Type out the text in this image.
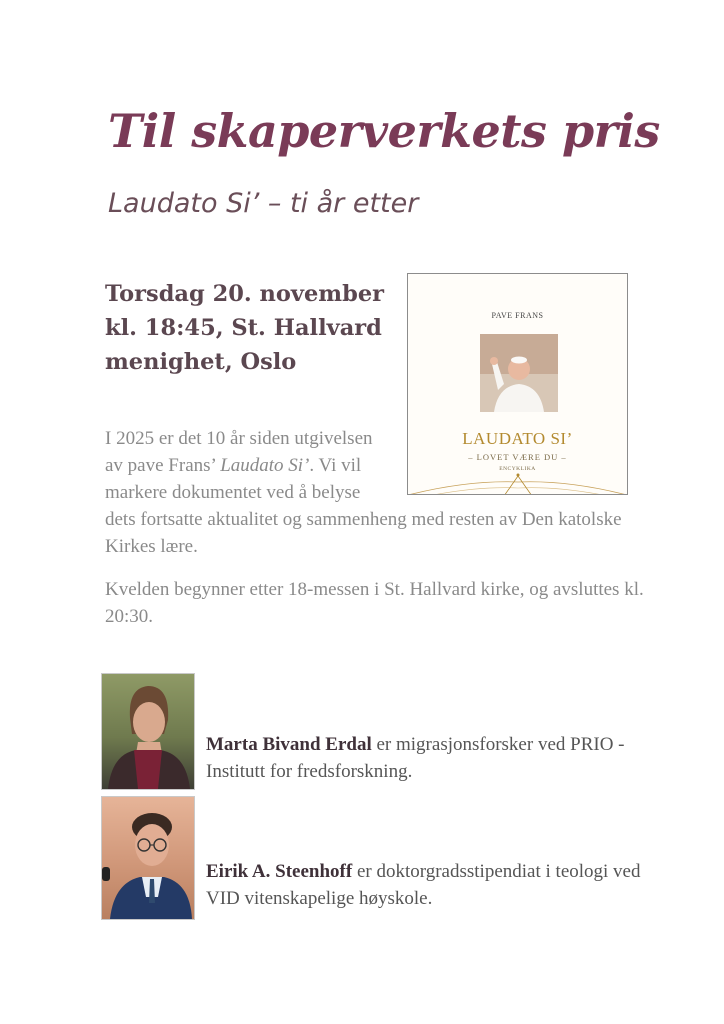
Til skaperverkets pris
Laudato Si’ – ti år etter
Torsdag 20. november
kl. 18:45, St. Hallvard
menighet, Oslo
PAVE FRANS
LAUDATO SI’
– LOVET VÆRE DU –
ENCYKLIKA
I 2025 er det 10 år siden utgivelsen av pave Frans’ Laudato Si’. Vi vil markere dokumentet ved å belyse dets fortsatte aktualitet og sammenheng med resten av Den katolske Kirkes lære.
Kvelden begynner etter 18-messen i St. Hallvard kirke, og avsluttes kl. 20:30.
Marta Bivand Erdal er migrasjonsforsker ved PRIO - Institutt for fredsforskning.
Eirik A. Steenhoff er doktorgradsstipendiat i teologi ved VID vitenskapelige høyskole.
